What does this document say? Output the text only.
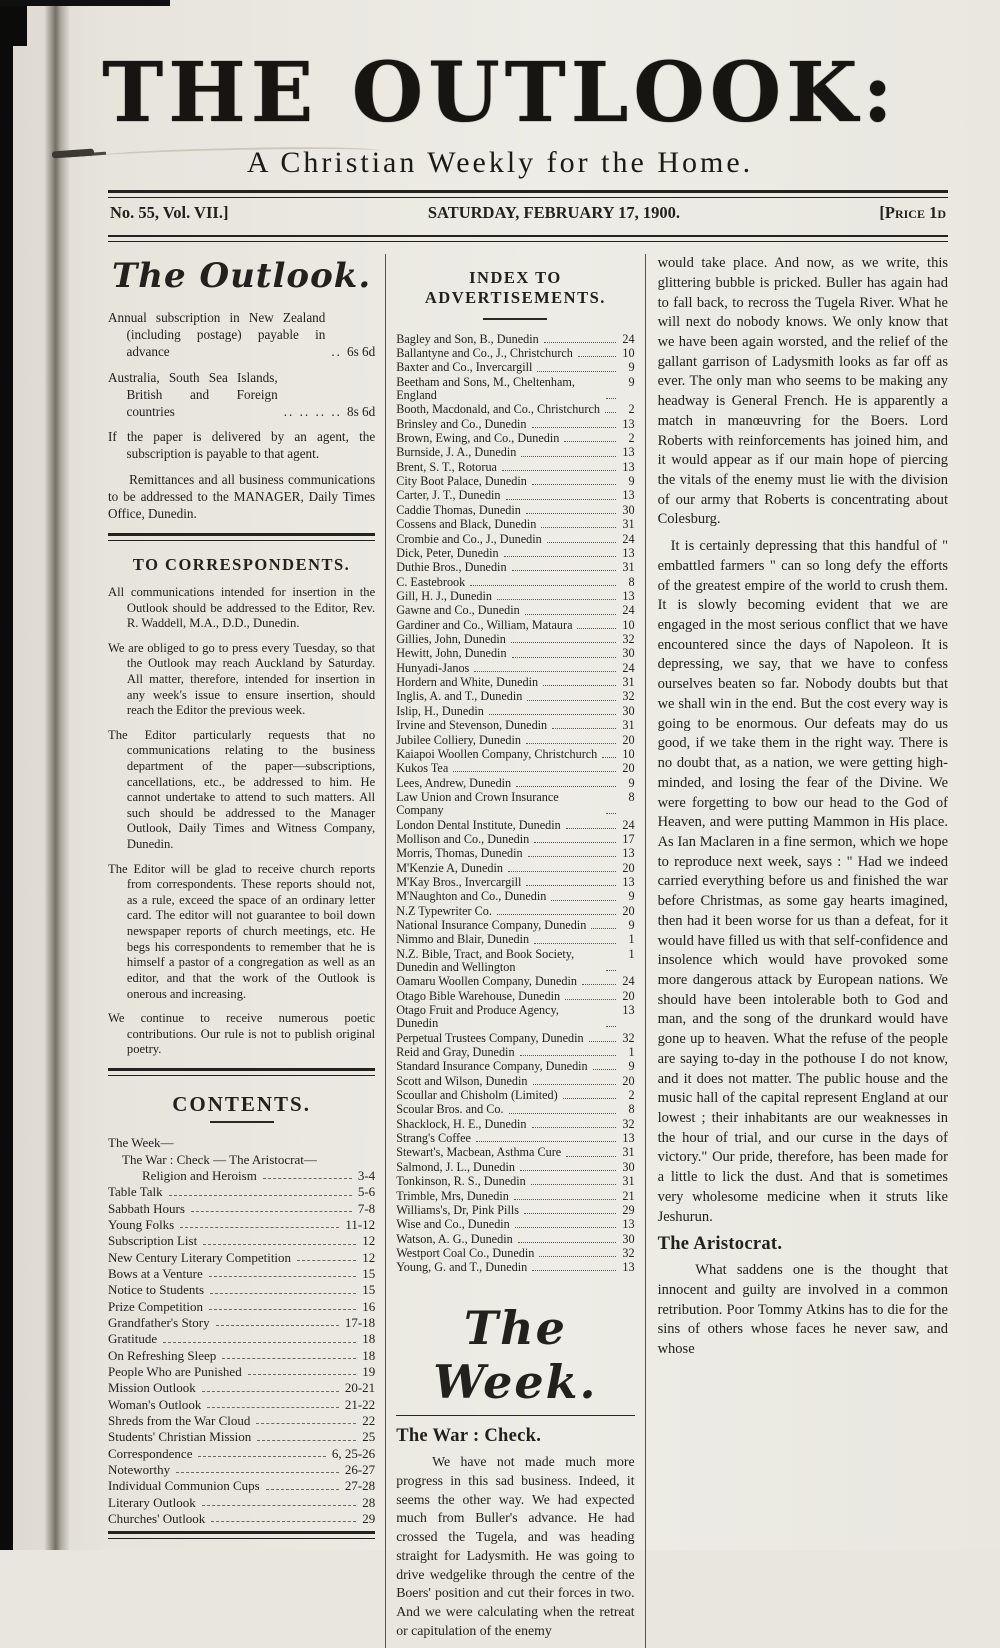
THE OUTLOOK:
A Christian Weekly for the Home.
No. 55, Vol. VII.]	SATURDAY, FEBRUARY 17, 1900.	[Price 1d
The Outlook.
Annual subscription in New Zealand (including postage) payable in advance	.. 6s 6d
Australia, South Sea Islands, British and Foreign countries	.. .. .. .. 8s 6d

If the paper is delivered by an agent, the subscription is payable to that agent.

Remittances and all business communications to be addressed to the MANAGER, Daily Times Office, Dunedin.

TO CORRESPONDENTS.

All communications intended for insertion in the Outlook should be addressed to the Editor, Rev. R. Waddell, M.A., D.D., Dunedin.

We are obliged to go to press every Tuesday, so that the Outlook may reach Auckland by Saturday. All matter, therefore, intended for insertion in any week's issue to ensure insertion, should reach the Editor the previous week.

The Editor particularly requests that no communications relating to the business department of the paper—subscriptions, cancellations, etc., be addressed to him. He cannot undertake to attend to such matters. All such should be addressed to the Manager Outlook, Daily Times and Witness Company, Dunedin.

The Editor will be glad to receive church reports from correspondents. These reports should not, as a rule, exceed the space of an ordinary letter card. The editor will not guarantee to boil down newspaper reports of church meetings, etc. He begs his correspondents to remember that he is himself a pastor of a congregation as well as an editor, and that the work of the Outlook is onerous and increasing.

We continue to receive numerous poetic contributions. Our rule is not to publish original poetry.

CONTENTS.
The Week—
The War : Check — The Aristocrat—
Religion and Heroism	3-4
Table Talk	5-6
Sabbath Hours	7-8
Young Folks	11-12
Subscription List	12
New Century Literary Competition	12
Bows at a Venture	15
Notice to Students	15
Prize Competition	16
Grandfather's Story	17-18
Gratitude	18
On Refreshing Sleep	18
People Who are Punished	19
Mission Outlook	20-21
Woman's Outlook	21-22
Shreds from the War Cloud	22
Students' Christian Mission	25
Correspondence	6, 25-26
Noteworthy	26-27
Individual Communion Cups	27-28
Literary Outlook	28
Churches' Outlook	29
INDEX TO ADVERTISEMENTS.
Bagley and Son, B., Dunedin	24
Ballantyne and Co., J., Christchurch	10
Baxter and Co., Invercargill	9
Beetham and Sons, M., Cheltenham, England
9
Booth, Macdonald, and Co., Christchurch	2
Brinsley and Co., Dunedin	13
Brown, Ewing, and Co., Dunedin	2
Burnside, J. A., Dunedin	13
Brent, S. T., Rotorua	13
City Boot Palace, Dunedin	9
Carter, J. T., Dunedin	13
Caddie Thomas, Dunedin	30
Cossens and Black, Dunedin	31
Crombie and Co., J., Dunedin	24
Dick, Peter, Dunedin	13
Duthie Bros., Dunedin	31
C. Eastebrook	8
Gill, H. J., Dunedin	13
Gawne and Co., Dunedin	24
Gardiner and Co., William, Mataura	10
Gillies, John, Dunedin	32
Hewitt, John, Dunedin	30
Hunyadi-Janos	24
Hordern and White, Dunedin	31
Inglis, A. and T., Dunedin	32
Islip, H., Dunedin	30
Irvine and Stevenson, Dunedin	31
Jubilee Colliery, Dunedin	20
Kaiapoi Woollen Company, Christchurch 10
Kukos Tea	20
Lees, Andrew, Dunedin	9
Law Union and Crown Insurance Company
8
London Dental Institute, Dunedin	24
Mollison and Co., Dunedin	17
Morris, Thomas, Dunedin	13
M'Kenzie A, Dunedin	20
M'Kay Bros., Invercargill	13
M'Naughton and Co., Dunedin	9
N.Z Typewriter Co.	20
National Insurance Company, Dunedin	9
Nimmo and Blair, Dunedin	1
N.Z. Bible, Tract, and Book Society, Dunedin and Wellington
1
Oamaru Woollen Company, Dunedin	24
Otago Bible Warehouse, Dunedin	20
Otago Fruit and Produce Agency, Dunedin
13
Perpetual Trustees Company, Dunedin	32
Reid and Gray, Dunedin	1
Standard Insurance Company, Dunedin	9
Scott and Wilson, Dunedin	20
Scoullar and Chisholm (Limited)	2
Scoular Bros. and Co.	8
Shacklock, H. E., Dunedin	32
Strang's Coffee	13
Stewart's, Macbean, Asthma Cure	31
Salmond, J. L., Dunedin	30
Tonkinson, R. S., Dunedin	31
Trimble, Mrs, Dunedin	21
Williams's, Dr, Pink Pills	29
Wise and Co., Dunedin	13
Watson, A. G., Dunedin	30
Westport Coal Co., Dunedin	32
Young, G. and T., Dunedin	13
The Week.
The War : Check.

We have not made much more progress in this sad business. Indeed, it seems the other way. We had expected much from Buller's advance. He had crossed the Tugela, and was heading straight for Ladysmith. He was going to drive wedgelike through the centre of the Boers' position and cut their forces in two. And we were calculating when the retreat or capitulation of the enemy

would take place. And now, as we write, this glittering bubble is pricked. Buller has again had to fall back, to recross the Tugela River. What he will next do nobody knows. We only know that we have been again worsted, and the relief of the gallant garrison of Ladysmith looks as far off as ever. The only man who seems to be making any headway is General French. He is apparently a match in manœuvring for the Boers. Lord Roberts with reinforcements has joined him, and it would appear as if our main hope of piercing the vitals of the enemy must lie with the division of our army that Roberts is concentrating about Colesburg.

It is certainly depressing that this handful of " embattled farmers " can so long defy the efforts of the greatest empire of the world to crush them. It is slowly becoming evident that we are engaged in the most serious conflict that we have encountered since the days of Napoleon. It is depressing, we say, that we have to confess ourselves beaten so far. Nobody doubts but that we shall win in the end. But the cost every way is going to be enormous. Our defeats may do us good, if we take them in the right way. There is no doubt that, as a nation, we were getting high-minded, and losing the fear of the Divine. We were forgetting to bow our head to the God of Heaven, and were putting Mammon in His place. As Ian Maclaren in a fine sermon, which we hope to reproduce next week, says : " Had we indeed carried everything before us and finished the war before Christmas, as some gay hearts imagined, then had it been worse for us than a defeat, for it would have filled us with that self-confidence and insolence which would have provoked some more dangerous attack by European nations. We should have been intolerable both to God and man, and the song of the drunkard would have gone up to heaven. What the refuse of the people are saying to-day in the pothouse I do not know, and it does not matter. The public house and the music hall of the capital represent England at our lowest ; their inhabitants are our weaknesses in the hour of trial, and our curse in the days of victory." Our pride, therefore, has been made for a little to lick the dust. And that is sometimes very wholesome medicine when it struts like Jeshurun.

The Aristocrat.

What saddens one is the thought that innocent and guilty are involved in a common retribution. Poor Tommy Atkins has to die for the sins of others whose faces he never saw, and whose
